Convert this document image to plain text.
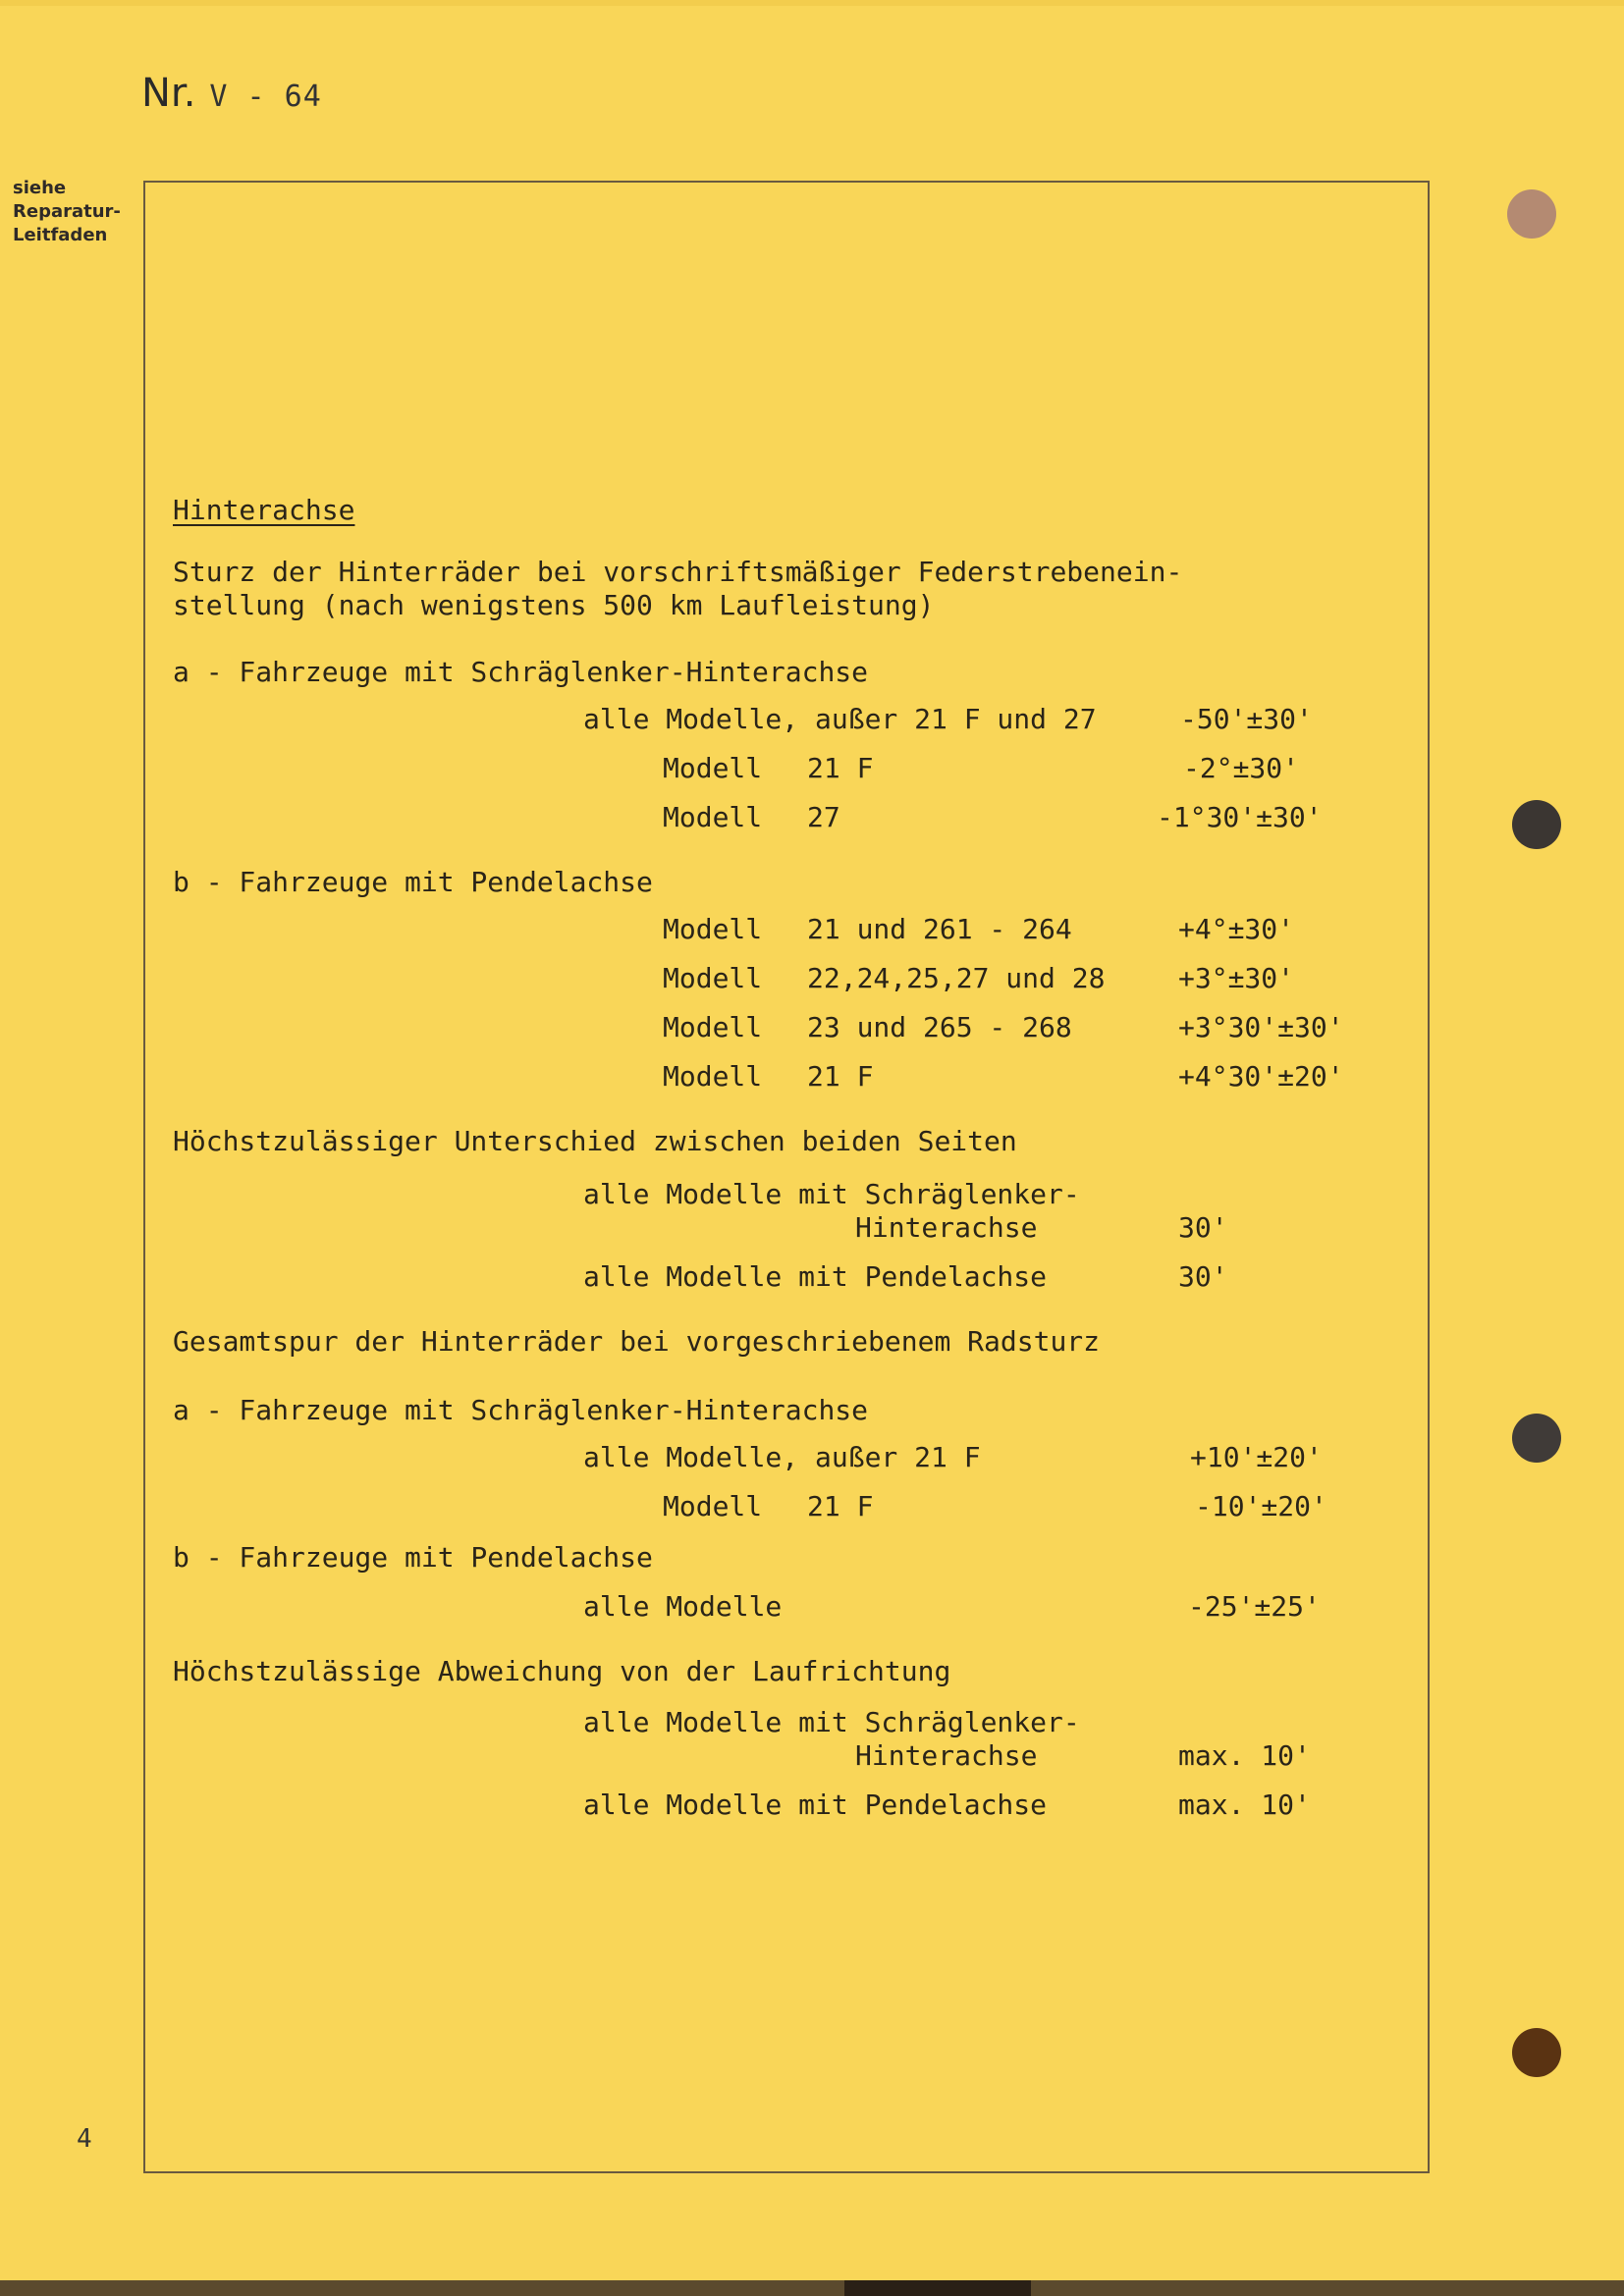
Nr. V - 64
siehe
Reparatur-
Leitfaden
Hinterachse
Sturz der Hinterräder bei vorschriftsmäßiger Federstrebenein-
stellung (nach wenigstens 500 km Laufleistung)
a - Fahrzeuge mit Schräglenker-Hinterachse
alle Modelle, außer 21 F und 27	-50'±30'
Modell 21 F	-2°±30'
Modell 27	-1°30'±30'
b - Fahrzeuge mit Pendelachse
Modell 21 und 261 - 264	+4°±30'
Modell 22,24,25,27 und 28	+3°±30'
Modell 23 und 265 - 268	+3°30'±30'
Modell 21 F	+4°30'±20'
Höchstzulässiger Unterschied zwischen beiden Seiten
alle Modelle mit Schräglenker-
Hinterachse	30'
alle Modelle mit Pendelachse	30'
Gesamtspur der Hinterräder bei vorgeschriebenem Radsturz
a - Fahrzeuge mit Schräglenker-Hinterachse
alle Modelle, außer 21 F	+10'±20'
Modell 21 F	-10'±20'
b - Fahrzeuge mit Pendelachse
alle Modelle	-25'±25'
Höchstzulässige Abweichung von der Laufrichtung
alle Modelle mit Schräglenker-
Hinterachse	max. 10'
alle Modelle mit Pendelachse	max. 10'
4
